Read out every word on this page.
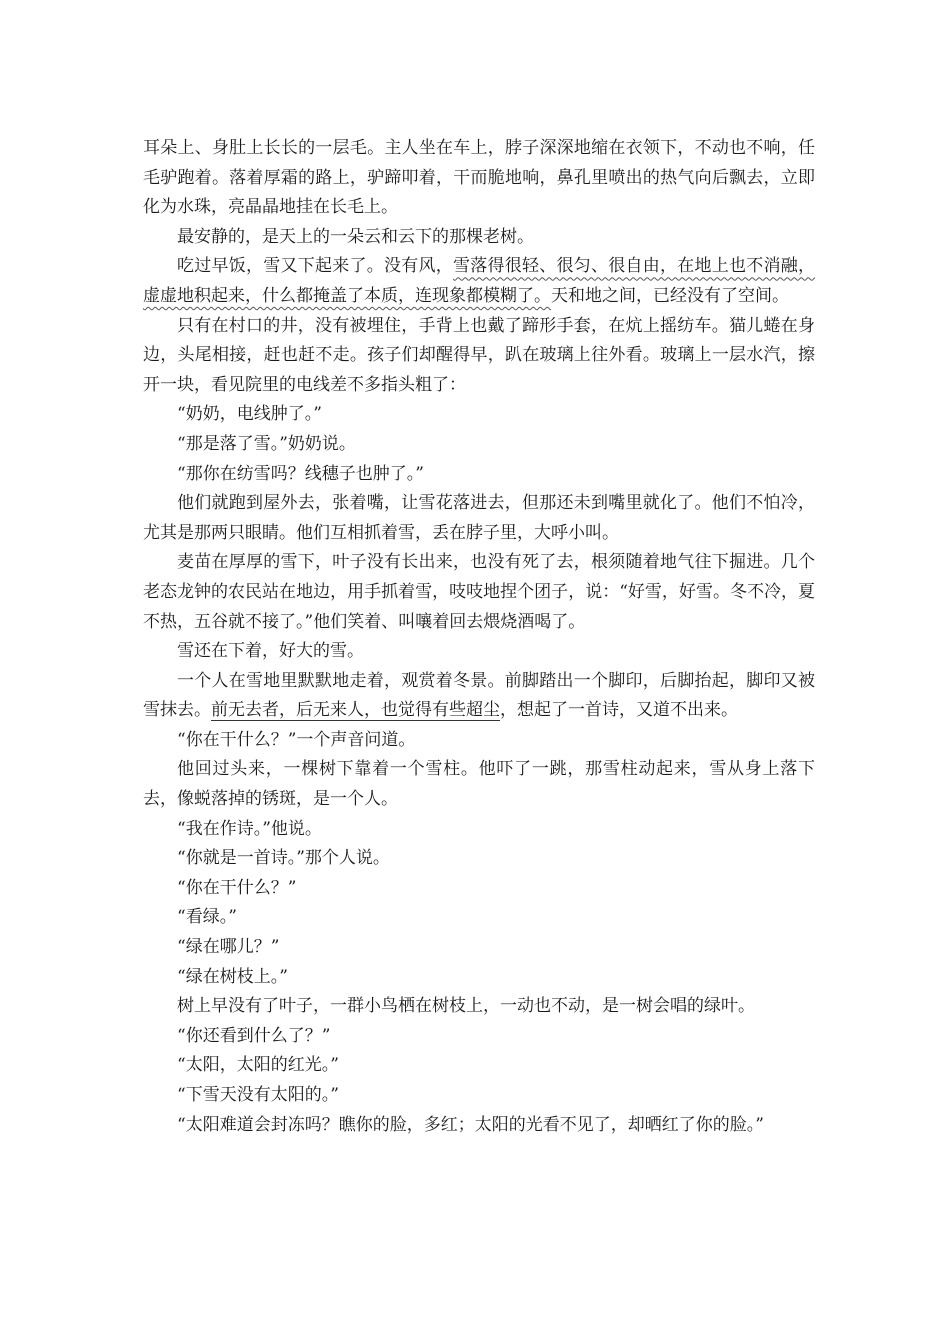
耳朵上、身肚上长长的一层毛。主人坐在车上，脖子深深地缩在衣领下，不动也不响，任毛驴跑着。落着厚霜的路上，驴蹄叩着，干而脆地响，鼻孔里喷出的热气向后飘去，立即化为水珠，亮晶晶地挂在长毛上。

最安静的，是天上的一朵云和云下的那棵老树。

吃过早饭，雪又下起来了。没有风，雪落得很轻、很匀、很自由，在地上也不消融，虚虚地积起来，什么都掩盖了本质，连现象都模糊了。天和地之间，已经没有了空间。

只有在村口的井，没有被埋住，手背上也戴了蹄形手套，在炕上摇纺车。猫儿蜷在身边，头尾相接，赶也赶不走。孩子们却醒得早，趴在玻璃上往外看。玻璃上一层水汽，擦开一块，看见院里的电线差不多指头粗了：

“奶奶，电线肿了。”

“那是落了雪。”奶奶说。

“那你在纺雪吗？线穗子也肿了。”

他们就跑到屋外去，张着嘴，让雪花落进去，但那还未到嘴里就化了。他们不怕冷，尤其是那两只眼睛。他们互相抓着雪，丢在脖子里，大呼小叫。

麦苗在厚厚的雪下，叶子没有长出来，也没有死了去，根须随着地气往下掘进。几个老态龙钟的农民站在地边，用手抓着雪，吱吱地捏个团子，说：“好雪，好雪。冬不冷，夏不热，五谷就不接了。”他们笑着、叫嚷着回去煨烧酒喝了。

雪还在下着，好大的雪。

一个人在雪地里默默地走着，观赏着冬景。前脚踏出一个脚印，后脚抬起，脚印又被雪抹去。前无去者，后无来人，也觉得有些超尘，想起了一首诗，又道不出来。

“你在干什么？”一个声音问道。

他回过头来，一棵树下靠着一个雪柱。他吓了一跳，那雪柱动起来，雪从身上落下去，像蜕落掉的锈斑，是一个人。

“我在作诗。”他说。

“你就是一首诗。”那个人说。

“你在干什么？”

“看绿。”

“绿在哪儿？”

“绿在树枝上。”

树上早没有了叶子，一群小鸟栖在树枝上，一动也不动，是一树会唱的绿叶。

“你还看到什么了？”

“太阳，太阳的红光。”

“下雪天没有太阳的。”

“太阳难道会封冻吗？瞧你的脸，多红；太阳的光看不见了，却晒红了你的脸。”
